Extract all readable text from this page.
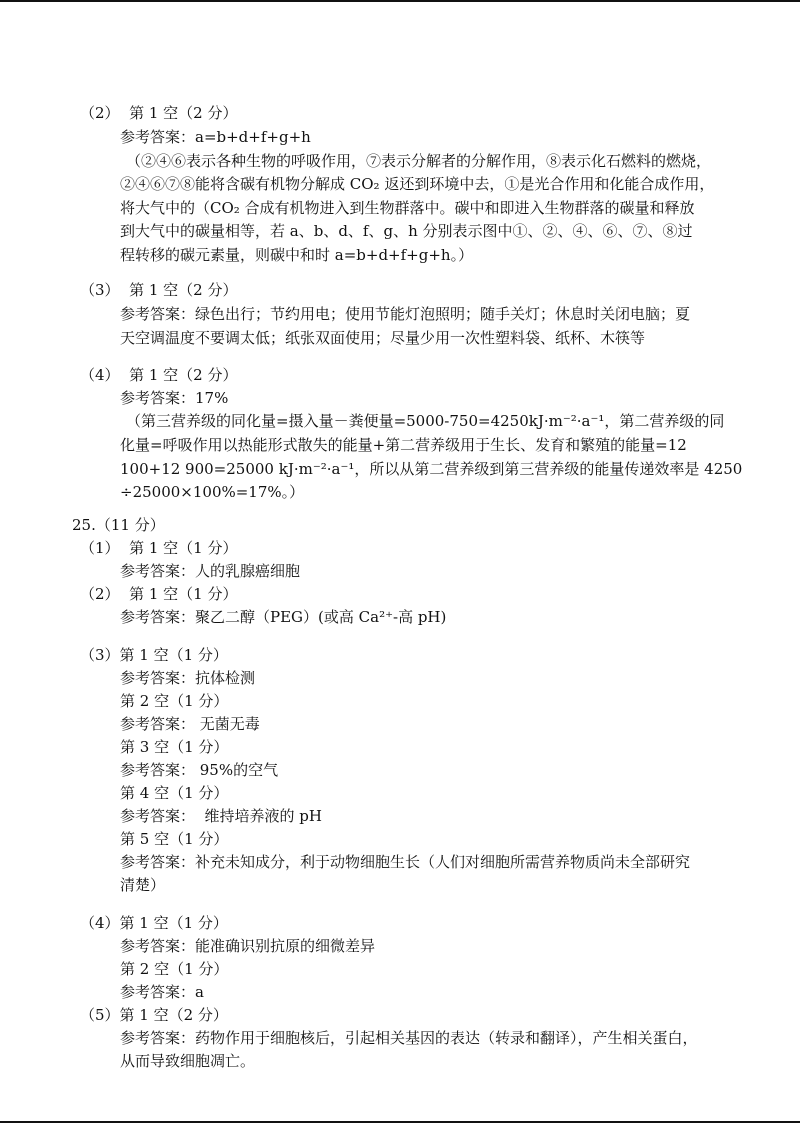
（2）  第 1 空（2 分）
参考答案：a=b+d+f+g+h
（②④⑥表示各种生物的呼吸作用，⑦表示分解者的分解作用，⑧表示化石燃料的燃烧，
②④⑥⑦⑧能将含碳有机物分解成 CO₂ 返还到环境中去，①是光合作用和化能合成作用，
将大气中的（CO₂ 合成有机物进入到生物群落中。碳中和即进入生物群落的碳量和释放
到大气中的碳量相等，若 a、b、d、f、g、h 分别表示图中①、②、④、⑥、⑦、⑧过
程转移的碳元素量，则碳中和时 a=b+d+f+g+h。）
（3）  第 1 空（2 分）
参考答案：绿色出行；节约用电；使用节能灯泡照明；随手关灯；休息时关闭电脑；夏
天空调温度不要调太低；纸张双面使用；尽量少用一次性塑料袋、纸杯、木筷等
（4）  第 1 空（2 分）
参考答案：17%
（第三营养级的同化量=摄入量－粪便量=5000-750=4250kJ·m⁻²·a⁻¹，第二营养级的同
化量=呼吸作用以热能形式散失的能量+第二营养级用于生长、发育和繁殖的能量=12
100+12 900=25000 kJ·m⁻²·a⁻¹，所以从第二营养级到第三营养级的能量传递效率是 4250
÷25000×100%=17%。）
25.（11 分）
（1）  第 1 空（1 分）
参考答案：人的乳腺癌细胞
（2）  第 1 空（1 分）
参考答案：聚乙二醇（PEG）(或高 Ca²⁺-高 pH)
（3）第 1 空（1 分）
参考答案：抗体检测
第 2 空（1 分）
参考答案： 无菌无毒
第 3 空（1 分）
参考答案： 95%的空气
第 4 空（1 分）
参考答案：  维持培养液的 pH
第 5 空（1 分）
参考答案：补充未知成分，利于动物细胞生长（人们对细胞所需营养物质尚未全部研究
清楚）
（4）第 1 空（1 分）
参考答案：能准确识别抗原的细微差异
第 2 空（1 分）
参考答案：a
（5）第 1 空（2 分）
参考答案：药物作用于细胞核后，引起相关基因的表达（转录和翻译），产生相关蛋白，
从而导致细胞凋亡。
